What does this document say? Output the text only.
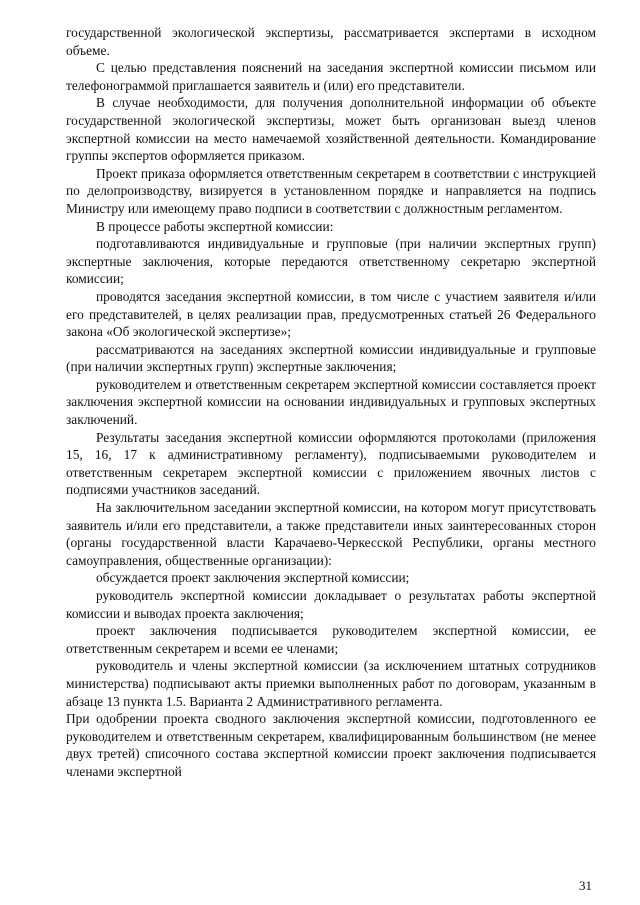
государственной экологической экспертизы, рассматривается экспертами в исходном объеме.

С целью представления пояснений на заседания экспертной комиссии письмом или телефонограммой приглашается заявитель и (или) его представители.

В случае необходимости, для получения дополнительной информации об объекте государственной экологической экспертизы, может быть организован выезд членов экспертной комиссии на место намечаемой хозяйственной деятельности. Командирование группы экспертов оформляется приказом.

Проект приказа оформляется ответственным секретарем в соответствии с инструкцией по делопроизводству, визируется в установленном порядке и направляется на подпись Министру или имеющему право подписи в соответствии с должностным регламентом.

В процессе работы экспертной комиссии:

подготавливаются индивидуальные и групповые (при наличии экспертных групп) экспертные заключения, которые передаются ответственному секретарю экспертной комиссии;

проводятся заседания экспертной комиссии, в том числе с участием заявителя и/или его представителей, в целях реализации прав, предусмотренных статьей 26 Федерального закона «Об экологической экспертизе»;

рассматриваются на заседаниях экспертной комиссии индивидуальные и групповые (при наличии экспертных групп) экспертные заключения;

руководителем и ответственным секретарем экспертной комиссии составляется проект заключения экспертной комиссии на основании индивидуальных и групповых экспертных заключений.

Результаты заседания экспертной комиссии оформляются протоколами (приложения 15, 16, 17 к административному регламенту), подписываемыми руководителем и ответственным секретарем экспертной комиссии с приложением явочных листов с подписями участников заседаний.

На заключительном заседании экспертной комиссии, на котором могут присутствовать заявитель и/или его представители, а также представители иных заинтересованных сторон (органы государственной власти Карачаево-Черкесской Республики, органы местного самоуправления, общественные организации):

обсуждается проект заключения экспертной комиссии;

руководитель экспертной комиссии докладывает о результатах работы экспертной комиссии и выводах проекта заключения;

проект заключения подписывается руководителем экспертной комиссии, ее ответственным секретарем и всеми ее членами;

руководитель и члены экспертной комиссии (за исключением штатных сотрудников министерства) подписывают акты приемки выполненных работ по договорам, указанным в абзаце 13 пункта 1.5. Варианта 2 Административного регламента.

При одобрении проекта сводного заключения экспертной комиссии, подготовленного ее руководителем и ответственным секретарем, квалифицированным большинством (не менее двух третей) списочного состава экспертной комиссии проект заключения подписывается членами экспертной

31
